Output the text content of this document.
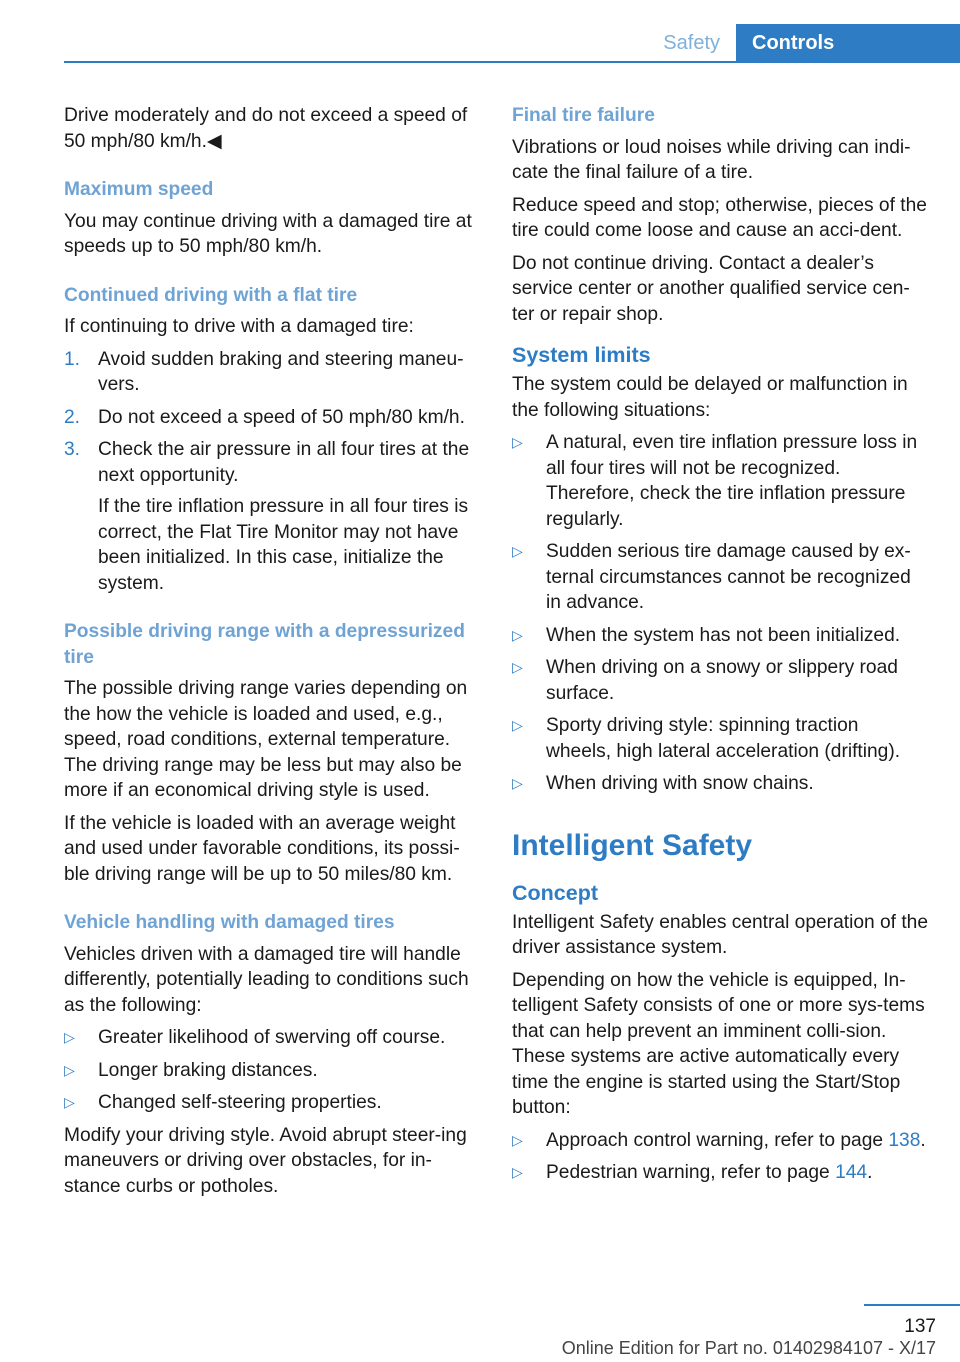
Safety	Controls

Drive moderately and do not exceed a speed of 50 mph/80 km/h.◀

Maximum speed

You may continue driving with a damaged tire at speeds up to 50 mph/80 km/h.

Continued driving with a flat tire

If continuing to drive with a damaged tire:

1. Avoid sudden braking and steering maneu‐vers.
2. Do not exceed a speed of 50 mph/80 km/h.
3. Check the air pressure in all four tires at the next opportunity.
If the tire inflation pressure in all four tires is correct, the Flat Tire Monitor may not have been initialized. In this case, initialize the system.
Possible driving range with a depressurized tire

The possible driving range varies depending on the how the vehicle is loaded and used, e.g., speed, road conditions, external temperature. The driving range may be less but may also be more if an economical driving style is used.

If the vehicle is loaded with an average weight and used under favorable conditions, its possi‐ble driving range will be up to 50 miles/80 km.

Vehicle handling with damaged tires

Vehicles driven with a damaged tire will handle differently, potentially leading to conditions such as the following:

▷ Greater likelihood of swerving off course.
▷ Longer braking distances.
▷ Changed self-steering properties.

Modify your driving style. Avoid abrupt steer‐ing maneuvers or driving over obstacles, for in‐stance curbs or potholes.

Final tire failure

Vibrations or loud noises while driving can indi‐cate the final failure of a tire.

Reduce speed and stop; otherwise, pieces of the tire could come loose and cause an acci‐dent.

Do not continue driving. Contact a dealer’s service center or another qualified service cen‐ter or repair shop.

System limits

The system could be delayed or malfunction in the following situations:

▷ A natural, even tire inflation pressure loss in all four tires will not be recognized. Therefore, check the tire inflation pressure regularly.
▷ Sudden serious tire damage caused by ex‐ternal circumstances cannot be recognized in advance.
▷ When the system has not been initialized.
▷ When driving on a snowy or slippery road surface.
▷ Sporty driving style: spinning traction wheels, high lateral acceleration (drifting).
▷ When driving with snow chains.
Intelligent Safety
Concept

Intelligent Safety enables central operation of the driver assistance system.

Depending on how the vehicle is equipped, In‐telligent Safety consists of one or more sys‐tems that can help prevent an imminent colli‐sion. These systems are active automatically every time the engine is started using the Start/Stop button:

▷ Approach control warning, refer to page 138.
▷ Pedestrian warning, refer to page 144.
137
Online Edition for Part no. 01402984107 - X/17
